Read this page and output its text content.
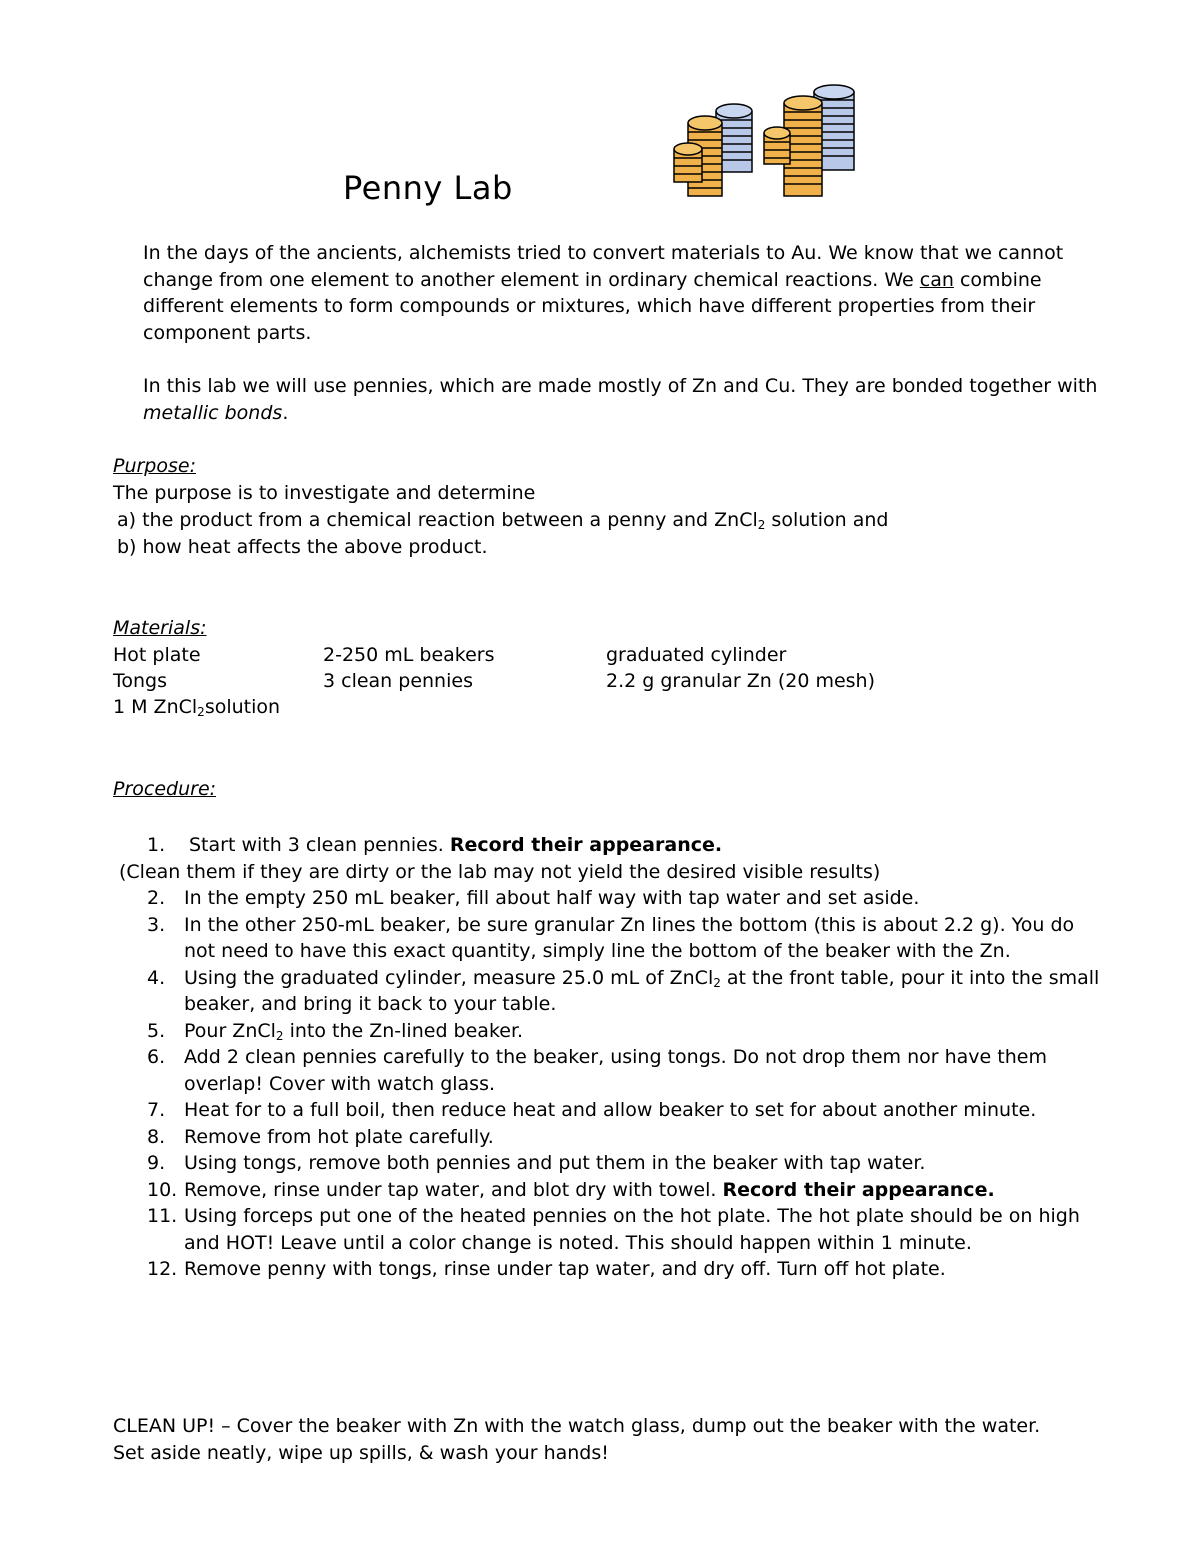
Penny Lab

In the days of the ancients, alchemists tried to convert materials to Au. We know that we cannot change from one element to another element in ordinary chemical reactions. We can combine different elements to form compounds or mixtures, which have different properties from their component parts.

In this lab we will use pennies, which are made mostly of Zn and Cu. They are bonded together with metallic bonds.

Purpose:
The purpose is to investigate and determine
a) the product from a chemical reaction between a penny and ZnCl$_2$ solution and
b) how heat affects the above product.
Materials:
Hot plate	2-250 mL beakers	graduated cylinder
Tongs	3 clean pennies	2.2 g granular Zn (20 mesh)
1 M ZnCl$_2$solution
Procedure:
1. Start with 3 clean pennies. Record their appearance.
(Clean them if they are dirty or the lab may not yield the desired visible results)
2. In the empty 250 mL beaker, fill about half way with tap water and set aside.
3. In the other 250-mL beaker, be sure granular Zn lines the bottom (this is about 2.2 g). You do not need to have this exact quantity, simply line the bottom of the beaker with the Zn.
4. Using the graduated cylinder, measure 25.0 mL of ZnCl$_2$ at the front table, pour it into the small beaker, and bring it back to your table.
5. Pour ZnCl$_2$ into the Zn-lined beaker.
6. Add 2 clean pennies carefully to the beaker, using tongs. Do not drop them nor have them overlap! Cover with watch glass.
7. Heat for to a full boil, then reduce heat and allow beaker to set for about another minute.
8. Remove from hot plate carefully.
9. Using tongs, remove both pennies and put them in the beaker with tap water.
10. Remove, rinse under tap water, and blot dry with towel. Record their appearance.
11. Using forceps put one of the heated pennies on the hot plate. The hot plate should be on high and HOT! Leave until a color change is noted. This should happen within 1 minute.
12. Remove penny with tongs, rinse under tap water, and dry off. Turn off hot plate.

CLEAN UP! – Cover the beaker with Zn with the watch glass, dump out the beaker with the water. Set aside neatly, wipe up spills, & wash your hands!
